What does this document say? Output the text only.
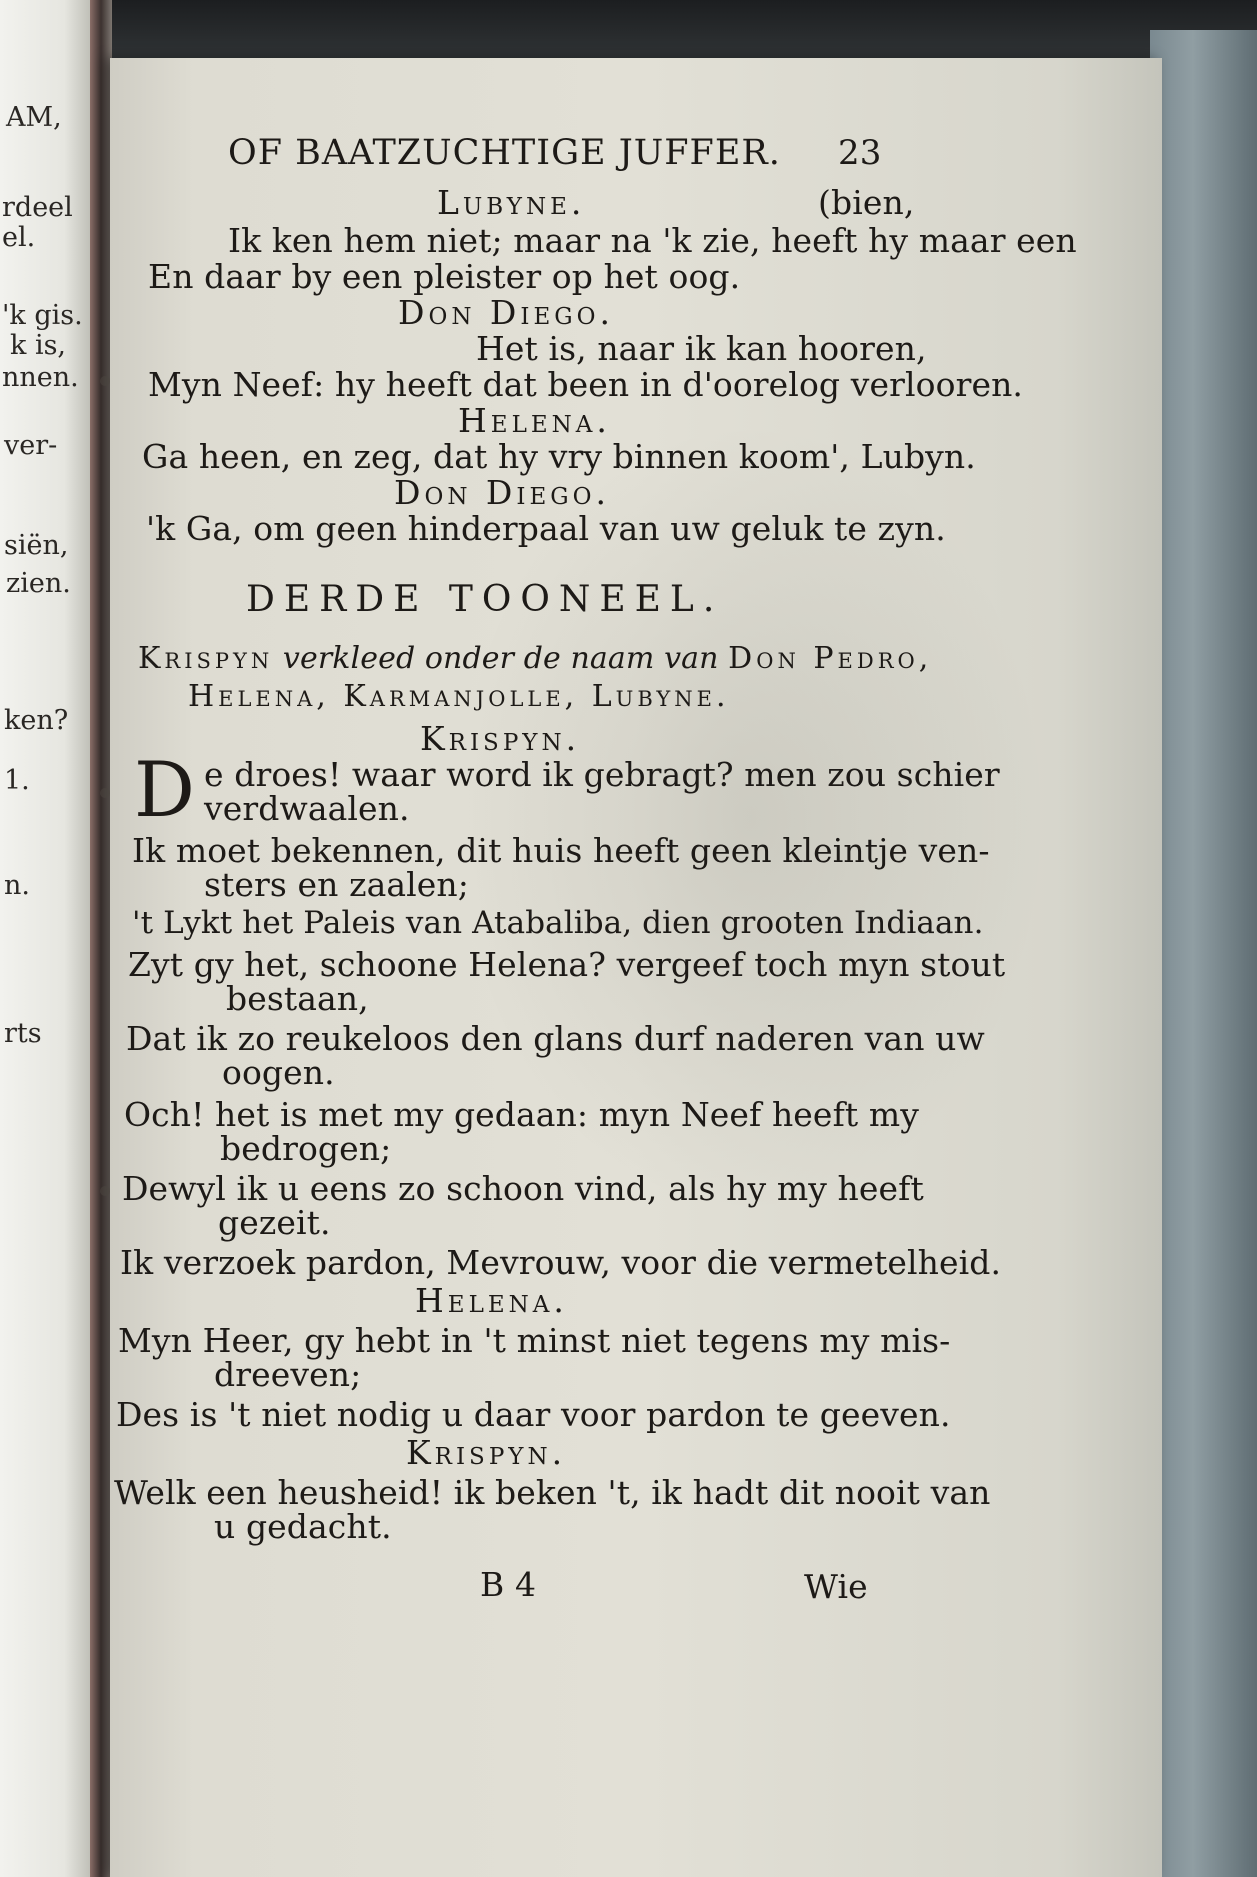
AM,
rdeel
el.
'k gis.
k is,
nnen.
ver-
siën,
zien.
ken?
1.
n.
rts
OF BAATZUCHTIGE JUFFER. 23
Lubyne.	(bien,
Ik ken hem niet; maar na 'k zie, heeft hy maar een
En daar by een pleister op het oog.
Don Diego.
Het is, naar ik kan hooren,
Myn Neef: hy heeft dat been in d'oorelog verlooren.
Helena.
Ga heen, en zeg, dat hy vry binnen koom', Lubyn.
Don Diego.
'k Ga, om geen hinderpaal van uw geluk te zyn.
DERDE TOONEEL.
Krispyn verkleed onder de naam van Don Pedro,
Helena, Karmanjolle, Lubyne.
Krispyn.
D e droes! waar word ik gebragt? men zou schier
verdwaalen.
Ik moet bekennen, dit huis heeft geen kleintje ven-
sters en zaalen;
't Lykt het Paleis van Atabaliba, dien grooten Indiaan.
Zyt gy het, schoone Helena? vergeef toch myn stout
bestaan,
Dat ik zo reukeloos den glans durf naderen van uw
oogen.
Och! het is met my gedaan: myn Neef heeft my
bedrogen;
Dewyl ik u eens zo schoon vind, als hy my heeft
gezeit.
Ik verzoek pardon, Mevrouw, voor die vermetelheid.
Helena.
Myn Heer, gy hebt in 't minst niet tegens my mis-
dreeven;
Des is 't niet nodig u daar voor pardon te geeven.
Krispyn.
Welk een heusheid! ik beken 't, ik hadt dit nooit van
u gedacht.
B 4	Wie
